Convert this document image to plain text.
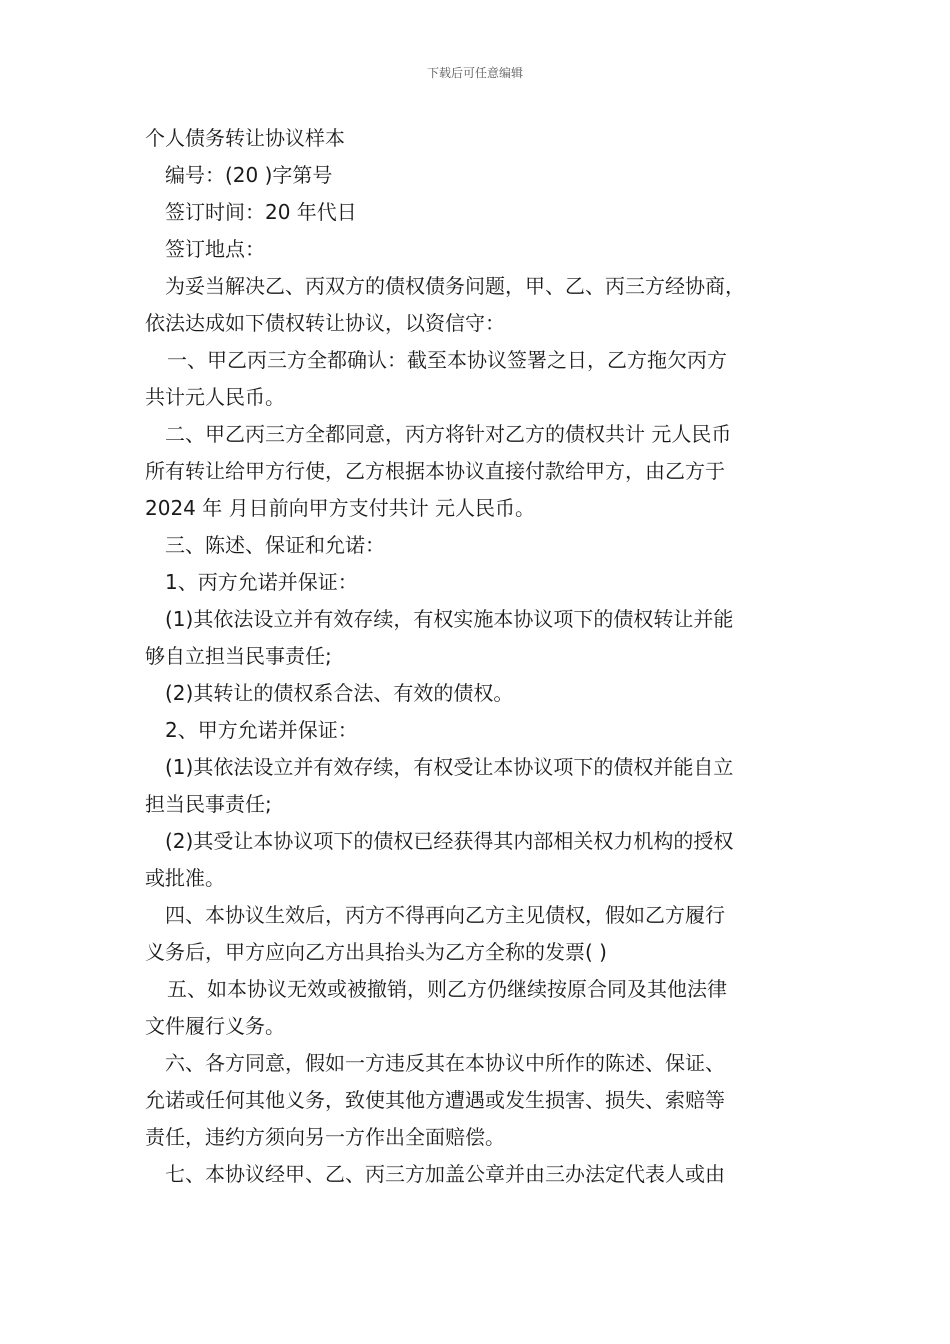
下载后可任意编辑
个人债务转让协议样本
编号：(20 )字第号
签订时间：20 年代日
签订地点：
为妥当解决乙、丙双方的债权债务问题，甲、乙、丙三方经协商，
依法达成如下债权转让协议，以资信守：
一、甲乙丙三方全都确认：截至本协议签署之日，乙方拖欠丙方
共计元人民币。
二、甲乙丙三方全都同意，丙方将针对乙方的债权共计 元人民币
所有转让给甲方行使，乙方根据本协议直接付款给甲方，由乙方于
2024 年 月日前向甲方支付共计 元人民币。
三、陈述、保证和允诺：
1、丙方允诺并保证：
(1)其依法设立并有效存续，有权实施本协议项下的债权转让并能
够自立担当民事责任;
(2)其转让的债权系合法、有效的债权。
2、甲方允诺并保证：
(1)其依法设立并有效存续，有权受让本协议项下的债权并能自立
担当民事责任;
(2)其受让本协议项下的债权已经获得其内部相关权力机构的授权
或批准。
四、本协议生效后，丙方不得再向乙方主见债权，假如乙方履行
义务后，甲方应向乙方出具抬头为乙方全称的发票( )
五、如本协议无效或被撤销，则乙方仍继续按原合同及其他法律
文件履行义务。
六、各方同意，假如一方违反其在本协议中所作的陈述、保证、
允诺或任何其他义务，致使其他方遭遇或发生损害、损失、索赔等
责任，违约方须向另一方作出全面赔偿。
七、本协议经甲、乙、丙三方加盖公章并由三办法定代表人或由
